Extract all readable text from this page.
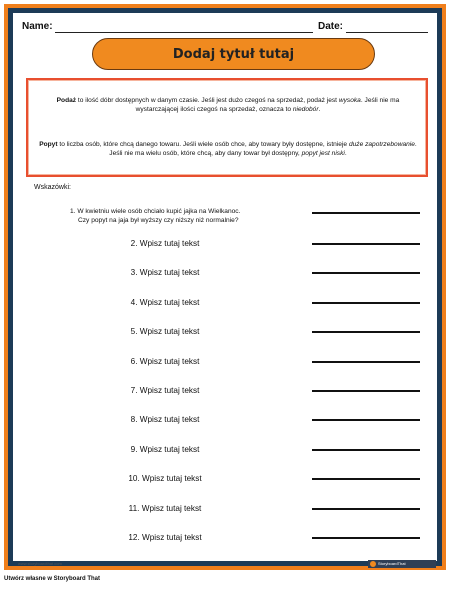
Name:	Date:
Dodaj tytuł tutaj
Podaż to ilość dóbr dostępnych w danym czasie. Jeśli jest dużo czegoś na sprzedaż, podaż jest wysoka. Jeśli nie ma wystarczającej ilości czegoś na sprzedaż, oznacza to niedobór.
Popyt to liczba osób, które chcą danego towaru. Jeśli wiele osób chce, aby towary były dostępne, istnieje duże zapotrzebowanie. Jeśli nie ma wielu osób, które chcą, aby dany towar był dostępny, popyt jest niski.
Wskazówki:
1. W kwietniu wiele osób chciało kupić jajka na Wielkanoc.
Czy popyt na jaja był wyższy czy niższy niż normalnie?
2. Wpisz tutaj tekst
3. Wpisz tutaj tekst
4. Wpisz tutaj tekst
5. Wpisz tutaj tekst
6. Wpisz tutaj tekst
7. Wpisz tutaj tekst
8. Wpisz tutaj tekst
9. Wpisz tutaj tekst
10. Wpisz tutaj tekst
11. Wpisz tutaj tekst
12. Wpisz tutaj tekst
www.storyboardthat.com	StoryboardThat
Utwórz własne w Storyboard That
